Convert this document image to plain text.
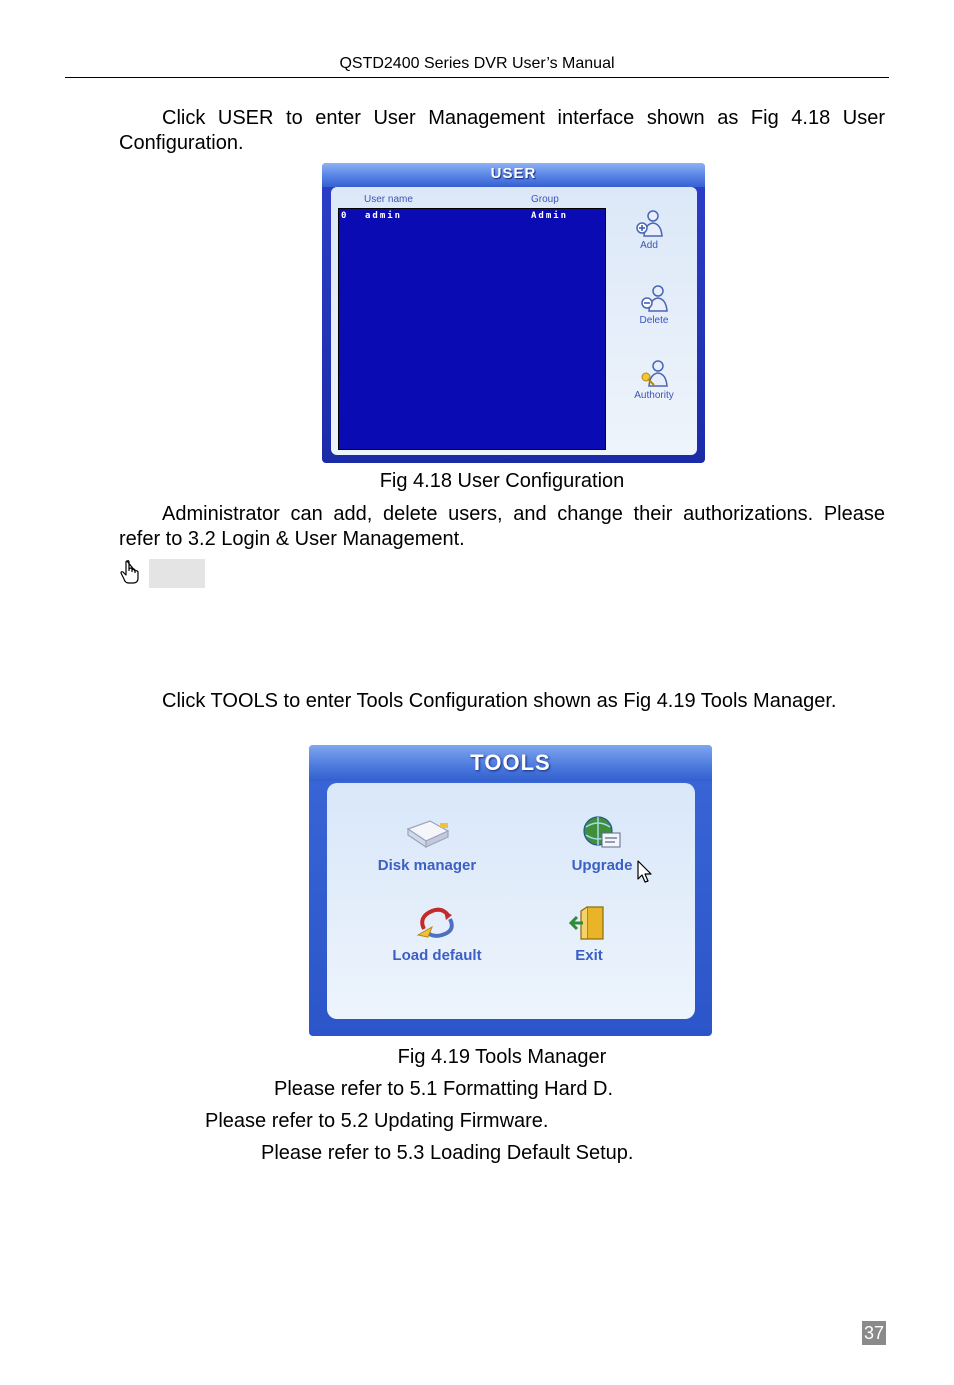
QSTD2400 Series DVR User’s Manual
Click USER to enter User Management interface shown as Fig 4.18 User Configuration.
USER
User name	Group
0 admin	Admin
Add
Delete
Authority
Fig 4.18 User Configuration
Administrator can add, delete users, and change their authorizations. Please refer to 3.2 Login & User Management.
Click TOOLS to enter Tools Configuration shown as Fig 4.19 Tools Manager.
TOOLS
Disk manager	Upgrade
Load default	Exit
Fig 4.19 Tools Manager
Please refer to 5.1 Formatting Hard D.
Please refer to 5.2 Updating Firmware.
Please refer to 5.3 Loading Default Setup.
37
